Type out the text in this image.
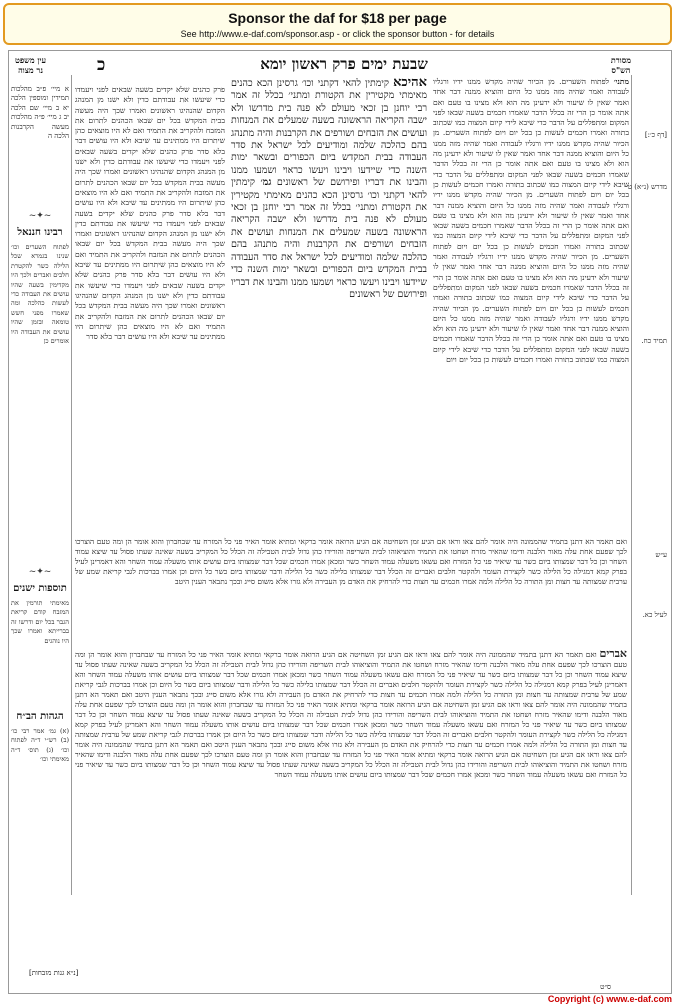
Sponsor the daf for $18 per page
See http://www.e-daf.com/sponsor.asp - or click the sponsor button - for details
מסורת
הש"ס
שבעת ימים פרק ראשון יומא
כ
עין משפט
נר מצוה
א מיי׳ פ״ב מהלכות תמידין ומוספין הלכה יא ב מיי׳ שם הלכה יב ג מיי׳ פ״ה מהלכות מעשה הקרבנות הלכה ה
~✦~
רבינו חננאל
לפתוח השערים וכו׳ שנינו בגמרא שכל הלילה כשר להקטרת חלבים ואברים ולכך היו מקדימין בשעה שהיו עושים את העבודה כדי לעשות כהלכה ומה שאמרו מפני חשש טומאה ובזמן שהיו עושים את העבודה היו אומרים כן
~✦~
תוספות ישנים
מאימתי תורמין את המזבח קודם קריאת הגבר בכל יום ודרשו זה בברייתא ואמרו שכך היו נוהגים
הגהות הב״ח
(א) גמ׳ אמר רבי כו׳ (ב) רש״י ד״ה לפתוח וכו׳ (ג) תוס׳ ד״ה מאימתי וכו׳
[דף כ׳:]
מדרש (נ״א) ט׳
תמיד כח.
ע״ש
לעיל כא.
פרק כהנים שלא יקדים בשעה שבאים לפני ויעמדו כדי שיעשו את עבודתם כדין ולא ישנו מן המנהג הקדום שהנהיגו ראשונים ואמרו שכך היה מעשה בבית המקדש בכל יום שבאו הכהנים לתרום את המזבח ולהקריב את התמיד ואם לא היו מוצאים כהן שיתרום היו ממתינים עד שיבא ולא היו עושים דבר בלא סדר פרק כהנים שלא יקדים בשעה שבאים לפני ויעמדו כדי שיעשו את עבודתם כדין ולא ישנו מן המנהג הקדום שהנהיגו ראשונים ואמרו שכך היה מעשה בבית המקדש בכל יום שבאו הכהנים לתרום את המזבח ולהקריב את התמיד ואם לא היו מוצאים כהן שיתרום היו ממתינים עד שיבא ולא היו עושים דבר בלא סדר פרק כהנים שלא יקדים בשעה שבאים לפני ויעמדו כדי שיעשו את עבודתם כדין ולא ישנו מן המנהג הקדום שהנהיגו ראשונים ואמרו שכך היה מעשה בבית המקדש בכל יום שבאו הכהנים לתרום את המזבח ולהקריב את התמיד ואם לא היו מוצאים כהן שיתרום היו ממתינים עד שיבא ולא היו עושים דבר בלא סדר פרק כהנים שלא יקדים בשעה שבאים לפני ויעמדו כדי שיעשו את עבודתם כדין ולא ישנו מן המנהג הקדום שהנהיגו ראשונים ואמרו שכך היה מעשה בבית המקדש בכל יום שבאו הכהנים לתרום את המזבח ולהקריב את התמיד ואם לא היו מוצאים כהן שיתרום היו ממתינים עד שיבא ולא היו עושים דבר בלא סדר
אהיכא קימתין להאי דקתני וכו׳ גרסינן הכא כהנים מאימתי מקטירין את הקטורת ומתני׳ בכלל זה אמר רבי יוחנן בן זכאי מעולם לא פנה בית מדרשו ולא ישבה הקריאה הראשונה בשעה שמעלים את המנחות ועושים את הזבחים ושורפים את הקרבנות והיה מתנהג בהם כהלכה שלמה ומודיעים לכל ישראל את סדר העבודה בבית המקדש ביום הכפורים ובשאר ימות השנה כדי שיידעו ויבינו ויעשו כראוי ושמעו ממנו והבינו את דבריו ופירושם של ראשונים גמ׳ קימתין להאי דקתני וכו׳ גרסינן הכא כהנים מאימתי מקטירין את הקטורת ומתני׳ בכלל זה אמר רבי יוחנן בן זכאי מעולם לא פנה בית מדרשו ולא ישבה הקריאה הראשונה בשעה שמעלים את המנחות ועושים את הזבחים ושורפים את הקרבנות והיה מתנהג בהם כהלכה שלמה ומודיעים לכל ישראל את סדר העבודה בבית המקדש ביום הכפורים ובשאר ימות השנה כדי שיידעו ויבינו ויעשו כראוי ושמעו ממנו והבינו את דבריו ופירושם של ראשונים
מתני׳ לפתוח השערים. מן הכיור שהיה מקדש ממנו ידיו ורגליו לעבודה ואמר שהיה מזה ממנו כל היום והוציא ממנה דבר אחד ואמר שאין לו שיעור ולא ידעינן מה הוא ולא מצינו בו טעם ואם אתה אומר כן הרי זה בכלל הדבר שאמרו חכמים בשעה שבאו לפני המקום ומתפללים על הדבר כדי שיבא לידי קיום המצוה כמו שכתוב בתורה ואמרו חכמים לעשות כן בכל יום ויום לפתוח השערים. מן הכיור שהיה מקדש ממנו ידיו ורגליו לעבודה ואמר שהיה מזה ממנו כל היום והוציא ממנה דבר אחד ואמר שאין לו שיעור ולא ידעינן מה הוא ולא מצינו בו טעם ואם אתה אומר כן הרי זה בכלל הדבר שאמרו חכמים בשעה שבאו לפני המקום ומתפללים על הדבר כדי שיבא לידי קיום המצוה כמו שכתוב בתורה ואמרו חכמים לעשות כן בכל יום ויום לפתוח השערים. מן הכיור שהיה מקדש ממנו ידיו ורגליו לעבודה ואמר שהיה מזה ממנו כל היום והוציא ממנה דבר אחד ואמר שאין לו שיעור ולא ידעינן מה הוא ולא מצינו בו טעם ואם אתה אומר כן הרי זה בכלל הדבר שאמרו חכמים בשעה שבאו לפני המקום ומתפללים על הדבר כדי שיבא לידי קיום המצוה כמו שכתוב בתורה ואמרו חכמים לעשות כן בכל יום ויום לפתוח השערים. מן הכיור שהיה מקדש ממנו ידיו ורגליו לעבודה ואמר שהיה מזה ממנו כל היום והוציא ממנה דבר אחד ואמר שאין לו שיעור ולא ידעינן מה הוא ולא מצינו בו טעם ואם אתה אומר כן הרי זה בכלל הדבר שאמרו חכמים בשעה שבאו לפני המקום ומתפללים על הדבר כדי שיבא לידי קיום המצוה כמו שכתוב בתורה ואמרו חכמים לעשות כן בכל יום ויום לפתוח השערים. מן הכיור שהיה מקדש ממנו ידיו ורגליו לעבודה ואמר שהיה מזה ממנו כל היום והוציא ממנה דבר אחד ואמר שאין לו שיעור ולא ידעינן מה הוא ולא מצינו בו טעם ואם אתה אומר כן הרי זה בכלל הדבר שאמרו חכמים בשעה שבאו לפני המקום ומתפללים על הדבר כדי שיבא לידי קיום המצוה כמו שכתוב בתורה ואמרו חכמים לעשות כן בכל יום ויום
ואם תאמר הא דתנן בתמיד שהממונה היה אומר להם צאו וראו אם הגיע זמן השחיטה אם הגיע הרואה אומר ברקאי ומתיא אומר האיר פני כל המזרח עד שבחברון והוא אומר הן ומה טעם הוצרכו לכך שפעם אחת עלה מאור הלבנה ודימו שהאיר מזרח ושחטו את התמיד והוציאוהו לבית השריפה והורידו כהן גדול לבית הטבילה זה הכלל כל המקריב בשעה שאינה שעתו פסול עד שיצא עמוד השחר וכן כל דבר שמצותו ביום כשר עד שיאיר פני כל המזרח ואם עשאו משעלה עמוד השחר כשר ומכאן אמרו חכמים שכל דבר שמצותו ביום עושים אותו משעלה עמוד השחר והא דאמרינן לעיל בפרק קמא דמגילה כל הלילה כשר לקצירת העומר ולהקטר חלבים ואברים זה הכלל דבר שמצותו בלילה כשר כל הלילה ודבר שמצותו ביום כשר כל היום וכן אמרו בברכות לגבי קריאת שמע של ערבית שמצותה עד חצות ומן התורה כל הלילה ולמה אמרו חכמים עד חצות כדי להרחיק את האדם מן העבירה ולא גזרו אלא משום סייג ובכך נתבאר הענין היטב
אברים ואם תאמר הא דתנן בתמיד שהממונה היה אומר להם צאו וראו אם הגיע זמן השחיטה אם הגיע הרואה אומר ברקאי ומתיא אומר האיר פני כל המזרח עד שבחברון והוא אומר הן ומה טעם הוצרכו לכך שפעם אחת עלה מאור הלבנה ודימו שהאיר מזרח ושחטו את התמיד והוציאוהו לבית השריפה והורידו כהן גדול לבית הטבילה זה הכלל כל המקריב בשעה שאינה שעתו פסול עד שיצא עמוד השחר וכן כל דבר שמצותו ביום כשר עד שיאיר פני כל המזרח ואם עשאו משעלה עמוד השחר כשר ומכאן אמרו חכמים שכל דבר שמצותו ביום עושים אותו משעלה עמוד השחר והא דאמרינן לעיל בפרק קמא דמגילה כל הלילה כשר לקצירת העומר ולהקטר חלבים ואברים זה הכלל דבר שמצותו בלילה כשר כל הלילה ודבר שמצותו ביום כשר כל היום וכן אמרו בברכות לגבי קריאת שמע של ערבית שמצותה עד חצות ומן התורה כל הלילה ולמה אמרו חכמים עד חצות כדי להרחיק את האדם מן העבירה ולא גזרו אלא משום סייג ובכך נתבאר הענין היטב ואם תאמר הא דתנן בתמיד שהממונה היה אומר להם צאו וראו אם הגיע זמן השחיטה אם הגיע הרואה אומר ברקאי ומתיא אומר האיר פני כל המזרח עד שבחברון והוא אומר הן ומה טעם הוצרכו לכך שפעם אחת עלה מאור הלבנה ודימו שהאיר מזרח ושחטו את התמיד והוציאוהו לבית השריפה והורידו כהן גדול לבית הטבילה זה הכלל כל המקריב בשעה שאינה שעתו פסול עד שיצא עמוד השחר וכן כל דבר שמצותו ביום כשר עד שיאיר פני כל המזרח ואם עשאו משעלה עמוד השחר כשר ומכאן אמרו חכמים שכל דבר שמצותו ביום עושים אותו משעלה עמוד השחר והא דאמרינן לעיל בפרק קמא דמגילה כל הלילה כשר לקצירת העומר ולהקטר חלבים ואברים זה הכלל דבר שמצותו בלילה כשר כל הלילה ודבר שמצותו ביום כשר כל היום וכן אמרו בברכות לגבי קריאת שמע של ערבית שמצותה עד חצות ומן התורה כל הלילה ולמה אמרו חכמים עד חצות כדי להרחיק את האדם מן העבירה ולא גזרו אלא משום סייג ובכך נתבאר הענין היטב ואם תאמר הא דתנן בתמיד שהממונה היה אומר להם צאו וראו אם הגיע זמן השחיטה אם הגיע הרואה אומר ברקאי ומתיא אומר האיר פני כל המזרח עד שבחברון והוא אומר הן ומה טעם הוצרכו לכך שפעם אחת עלה מאור הלבנה ודימו שהאיר מזרח ושחטו את התמיד והוציאוהו לבית השריפה והורידו כהן גדול לבית הטבילה זה הכלל כל המקריב בשעה שאינה שעתו פסול עד שיצא עמוד השחר וכן כל דבר שמצותו ביום כשר עד שיאיר פני כל המזרח ואם עשאו משעלה עמוד השחר כשר ומכאן אמרו חכמים שכל דבר שמצותו ביום עושים אותו משעלה עמוד השחר
[נ״א גנות מזבחות]
ס״ט
Copyright (c) www.e-daf.com
